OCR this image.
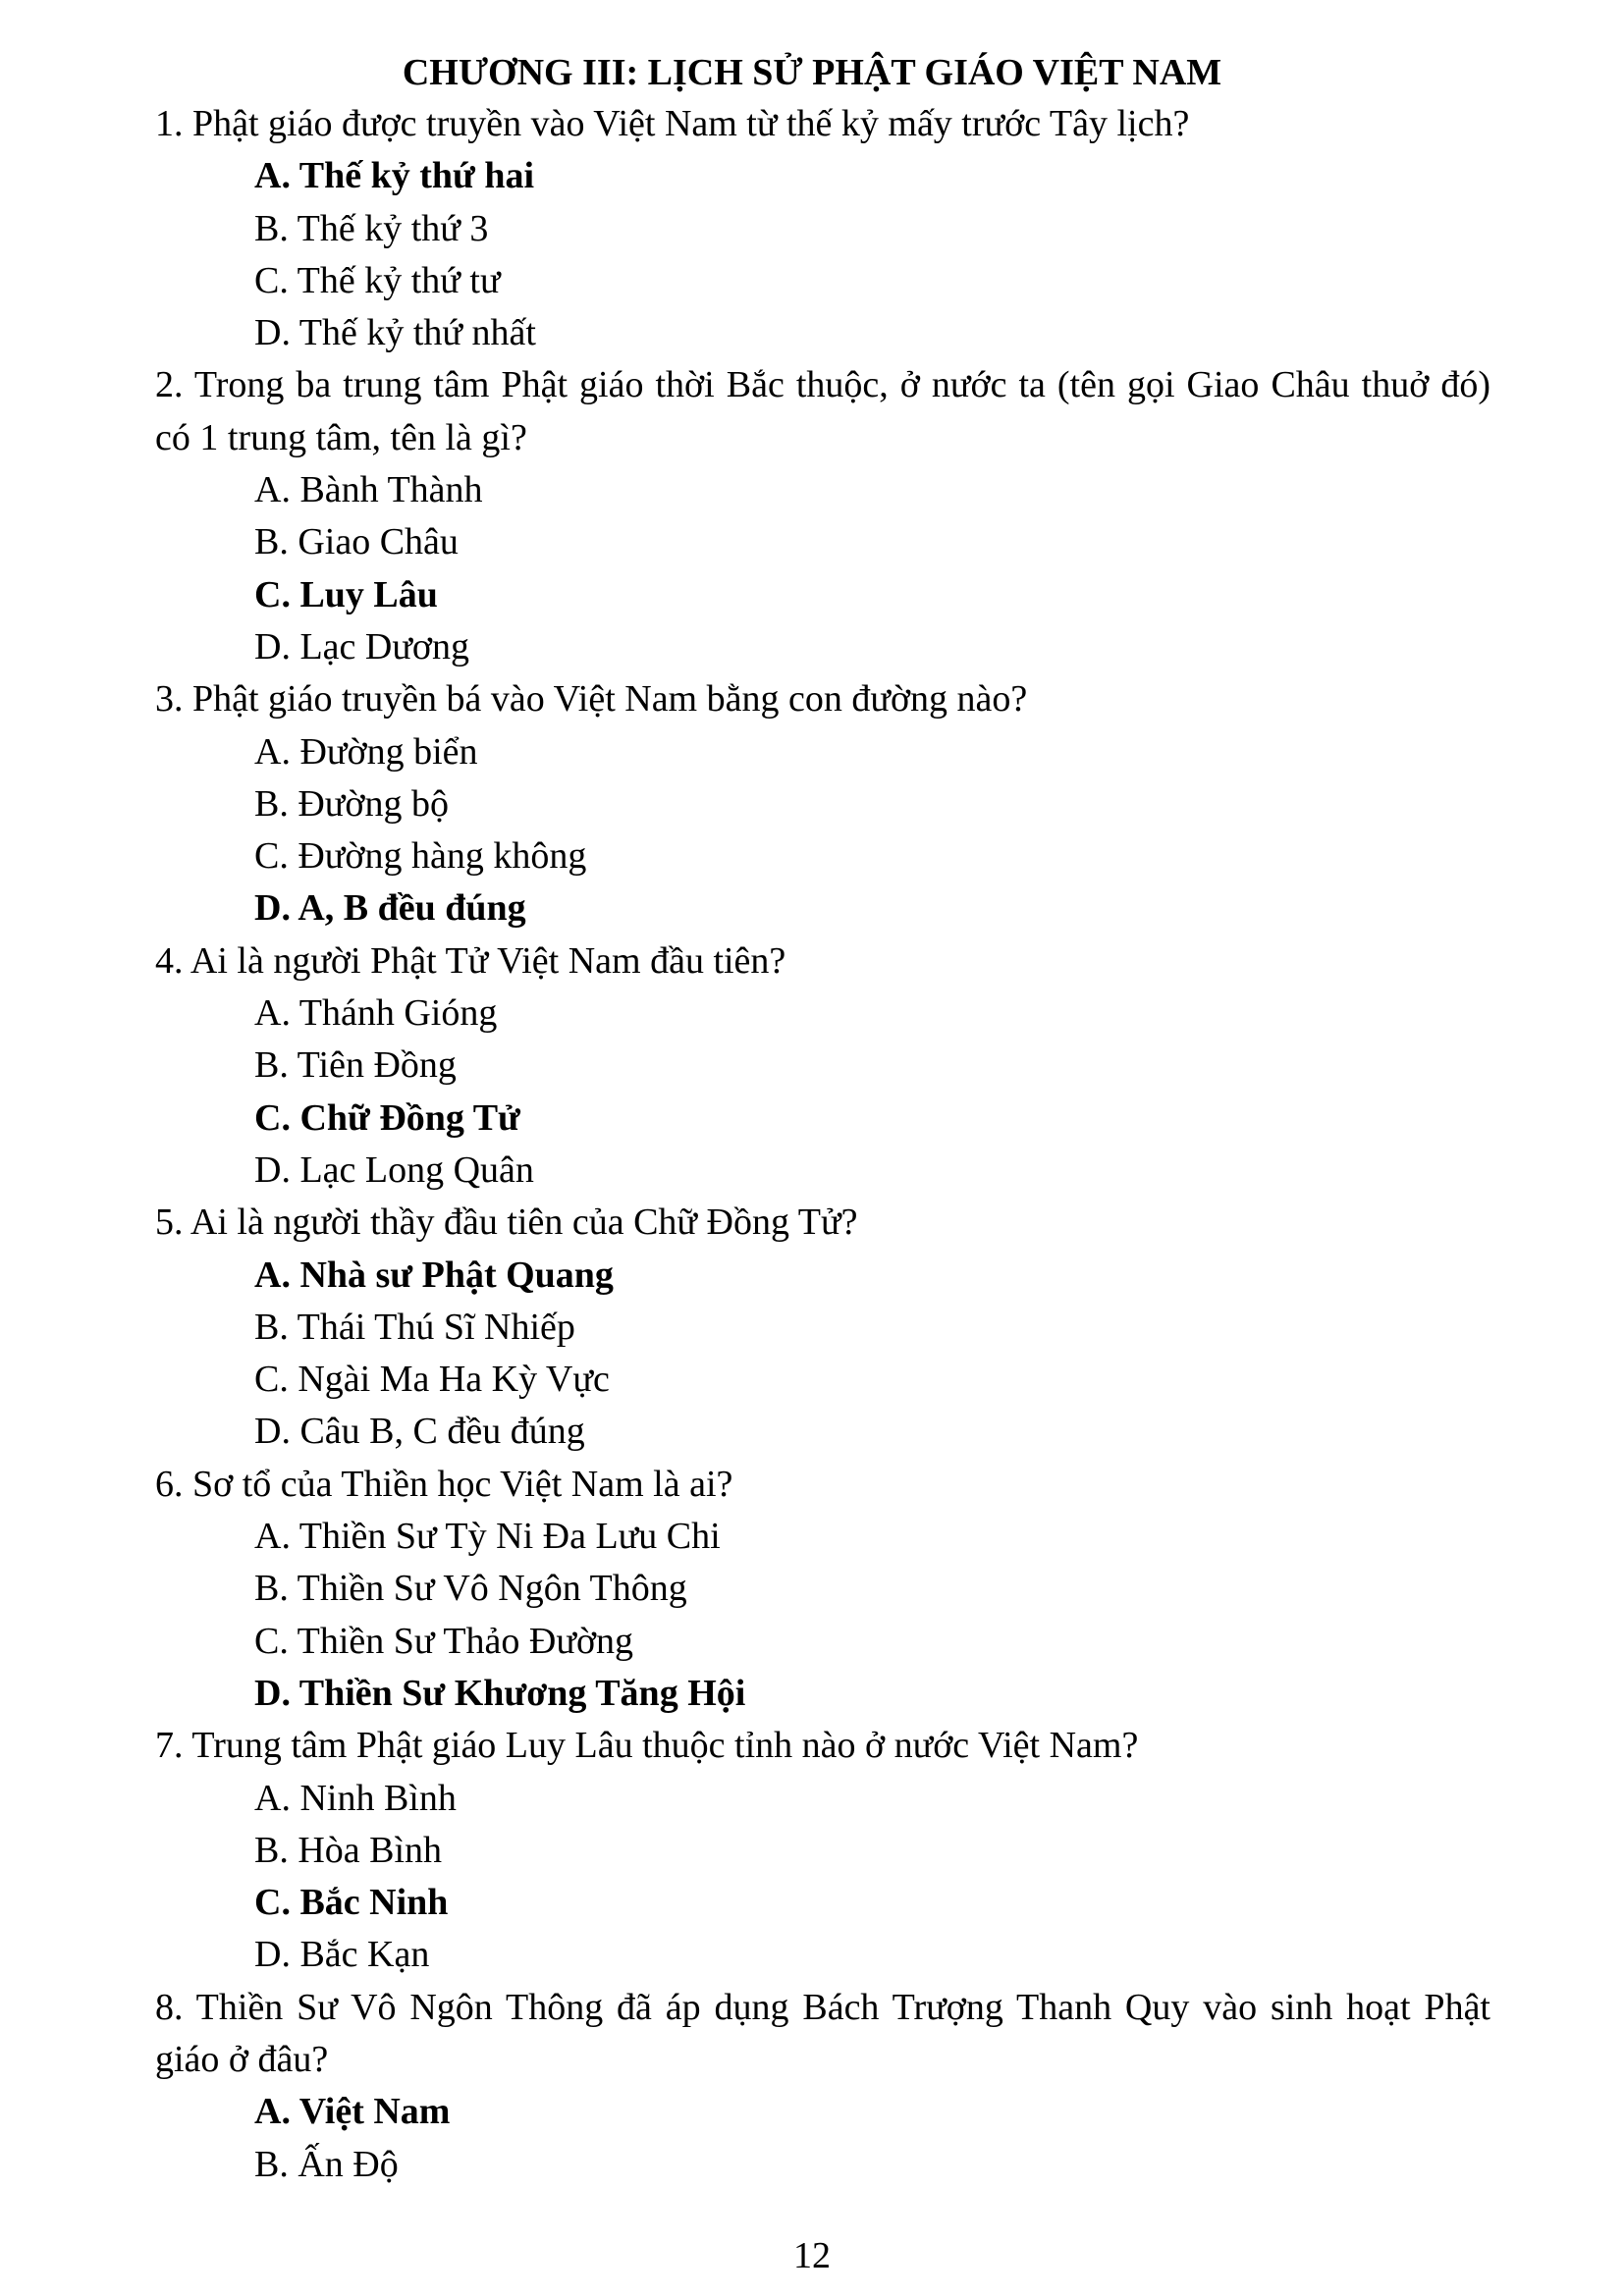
CHƯƠNG III: LỊCH SỬ PHẬT GIÁO VIỆT NAM

1. Phật giáo được truyền vào Việt Nam từ thế kỷ mấy trước Tây lịch?

A. Thế kỷ thứ hai

B. Thế kỷ thứ 3

C. Thế kỷ thứ tư

D. Thế kỷ thứ nhất

2. Trong ba trung tâm Phật giáo thời Bắc thuộc, ở nước ta (tên gọi Giao Châu thuở đó) có 1 trung tâm, tên là gì?

A. Bành Thành

B. Giao Châu

C. Luy Lâu

D. Lạc Dương

3. Phật giáo truyền bá vào Việt Nam bằng con đường nào?

A. Đường biển

B. Đường bộ

C. Đường hàng không

D. A, B đều đúng

4. Ai là người Phật Tử Việt Nam đầu tiên?

A. Thánh Gióng

B. Tiên Đồng

C. Chữ Đồng Tử

D. Lạc Long Quân

5. Ai là người thầy đầu tiên của Chữ Đồng Tử?

A. Nhà sư Phật Quang

B. Thái Thú Sĩ Nhiếp

C. Ngài Ma Ha Kỳ Vực

D. Câu B, C đều đúng

6. Sơ tổ của Thiền học Việt Nam là ai?

A. Thiền Sư Tỳ Ni Đa Lưu Chi

B. Thiền Sư Vô Ngôn Thông

C. Thiền Sư Thảo Đường

D. Thiền Sư Khương Tăng Hội

7. Trung tâm Phật giáo Luy Lâu thuộc tỉnh nào ở nước Việt Nam?

A. Ninh Bình

B. Hòa Bình

C. Bắc Ninh

D. Bắc Kạn

8. Thiền Sư Vô Ngôn Thông đã áp dụng Bách Trượng Thanh Quy vào sinh hoạt Phật giáo ở đâu?

A. Việt Nam

B. Ấn Độ

12
